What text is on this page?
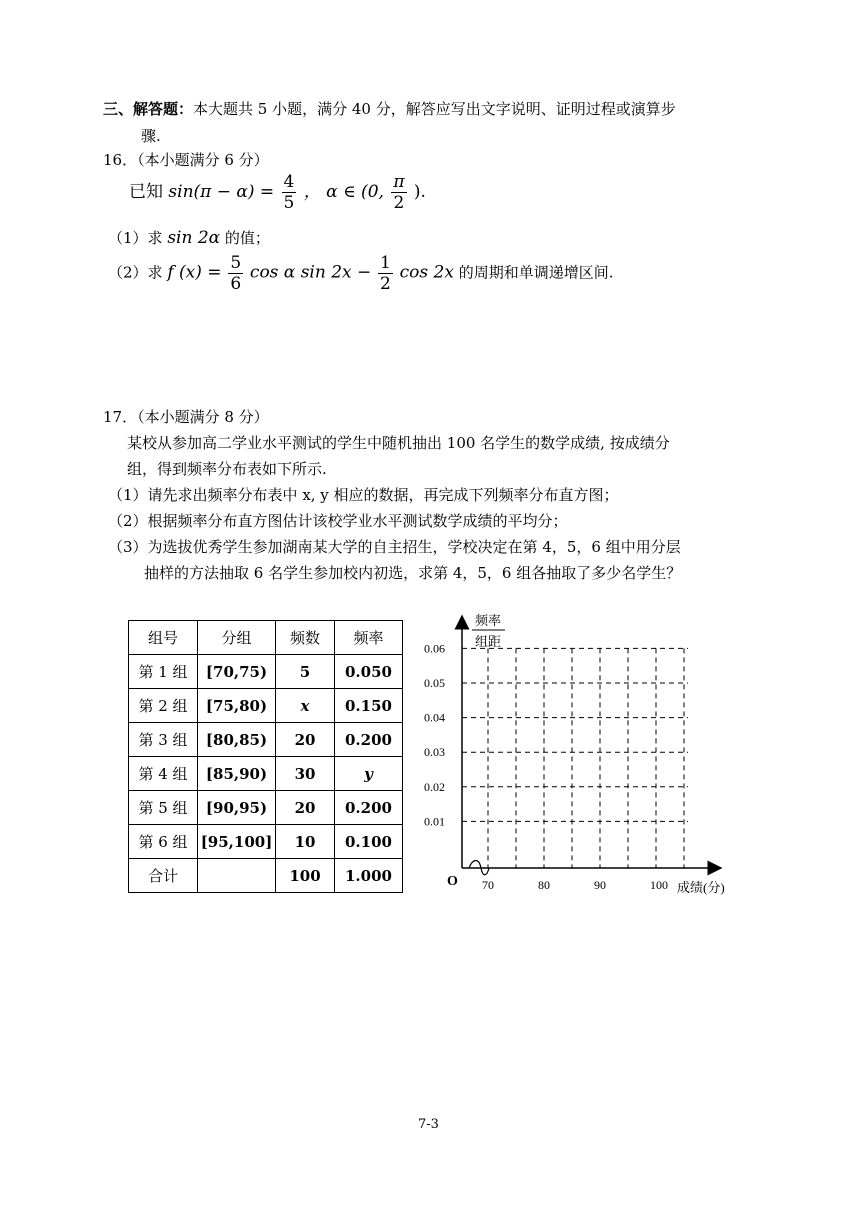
三、解答题：本大题共 5 小题，满分 40 分，解答应写出文字说明、证明过程或演算步
骤.
16．（本小题满分 6 分）
已知 $\sin(\pi - \alpha) = \frac{4}{5}$ ， α ∈ (0, $\frac{\pi}{2}$ ).
（1）求 sin 2α 的值；
（2）求 f $(x) = \frac{5}{6}$ cos α $\sin 2x - \frac{1}{2}$ cos 2x 的周期和单调递增区间.
17．（本小题满分 8 分）
某校从参加高二学业水平测试的学生中随机抽出 100 名学生的数学成绩, 按成绩分
组，得到频率分布表如下所示.
（1）请先求出频率分布表中 x, y 相应的数据，再完成下列频率分布直方图；
（2）根据频率分布直方图估计该校学业水平测试数学成绩的平均分；
（3）为选拔优秀学生参加湖南某大学的自主招生，学校决定在第 4，5，6 组中用分层
抽样的方法抽取 6 名学生参加校内初选，求第 4，5，6 组各抽取了多少名学生？
组号	分组	频数	频率
第 1 组	[70,75)	5	0.050
第 2 组	[75,80)	x	0.150
第 3 组	[80,85)	20	0.200
第 4 组	[85,90)	30	y
第 5 组	[90,95)	20	0.200
第 6 组	[95,100]	10	0.100
合计		100	1.000
频率
组距
O	成绩(分)
0.01
0.02
0.03
0.04
0.05
0.06
70	80	90	100
7-3
